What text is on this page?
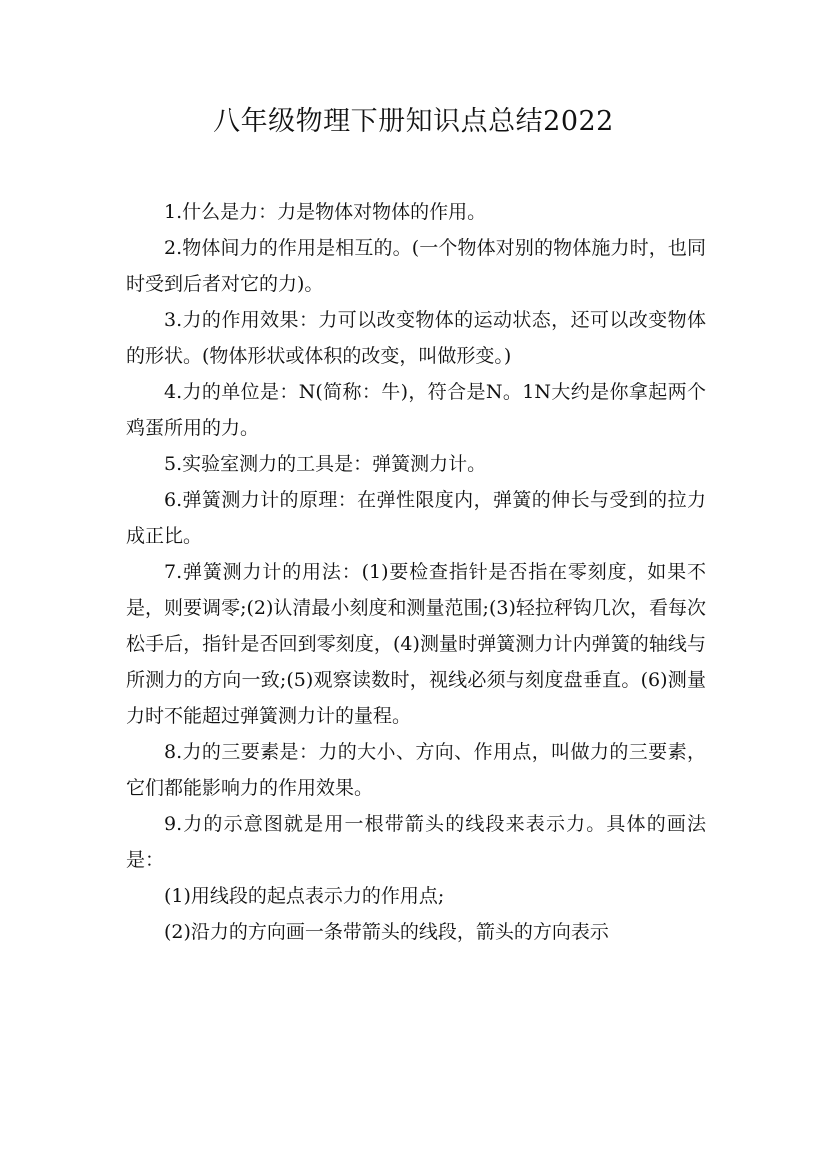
八年级物理下册知识点总结2022

1.什么是力：力是物体对物体的作用。

2.物体间力的作用是相互的。(一个物体对别的物体施力时，也同时受到后者对它的力)。

3.力的作用效果：力可以改变物体的运动状态，还可以改变物体的形状。(物体形状或体积的改变，叫做形变。)

4.力的单位是：N(简称：牛)，符合是N。1N大约是你拿起两个鸡蛋所用的力。

5.实验室测力的工具是：弹簧测力计。

6.弹簧测力计的原理：在弹性限度内，弹簧的伸长与受到的拉力成正比。

7.弹簧测力计的用法：(1)要检查指针是否指在零刻度，如果不是，则要调零;(2)认清最小刻度和测量范围;(3)轻拉秤钩几次，看每次松手后，指针是否回到零刻度，(4)测量时弹簧测力计内弹簧的轴线与所测力的方向一致;(5)观察读数时，视线必须与刻度盘垂直。(6)测量力时不能超过弹簧测力计的量程。

8.力的三要素是：力的大小、方向、作用点，叫做力的三要素，它们都能影响力的作用效果。

9.力的示意图就是用一根带箭头的线段来表示力。具体的画法是：

(1)用线段的起点表示力的作用点;

(2)沿力的方向画一条带箭头的线段，箭头的方向表示
